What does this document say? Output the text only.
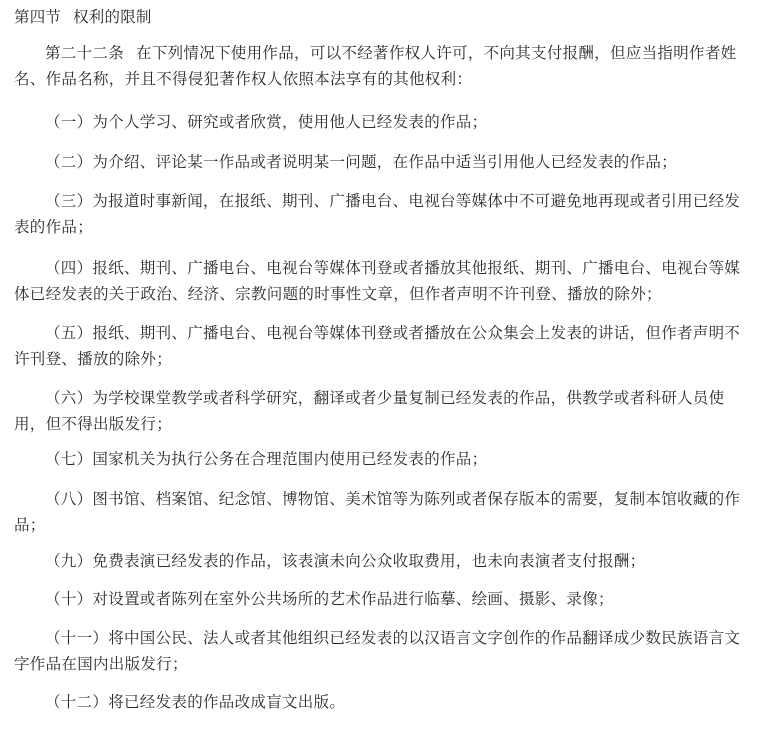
第四节 权利的限制

第二十二条 在下列情况下使用作品，可以不经著作权人许可，不向其支付报酬，但应当指明作者姓名、作品名称，并且不得侵犯著作权人依照本法享有的其他权利：

（一）为个人学习、研究或者欣赏，使用他人已经发表的作品；

（二）为介绍、评论某一作品或者说明某一问题，在作品中适当引用他人已经发表的作品；

（三）为报道时事新闻，在报纸、期刊、广播电台、电视台等媒体中不可避免地再现或者引用已经发表的作品；

（四）报纸、期刊、广播电台、电视台等媒体刊登或者播放其他报纸、期刊、广播电台、电视台等媒体已经发表的关于政治、经济、宗教问题的时事性文章，但作者声明不许刊登、播放的除外；

（五）报纸、期刊、广播电台、电视台等媒体刊登或者播放在公众集会上发表的讲话，但作者声明不许刊登、播放的除外；

（六）为学校课堂教学或者科学研究，翻译或者少量复制已经发表的作品，供教学或者科研人员使用，但不得出版发行；

（七）国家机关为执行公务在合理范围内使用已经发表的作品；

（八）图书馆、档案馆、纪念馆、博物馆、美术馆等为陈列或者保存版本的需要，复制本馆收藏的作品；

（九）免费表演已经发表的作品，该表演未向公众收取费用，也未向表演者支付报酬；

（十）对设置或者陈列在室外公共场所的艺术作品进行临摹、绘画、摄影、录像；

（十一）将中国公民、法人或者其他组织已经发表的以汉语言文字创作的作品翻译成少数民族语言文字作品在国内出版发行；

（十二）将已经发表的作品改成盲文出版。
